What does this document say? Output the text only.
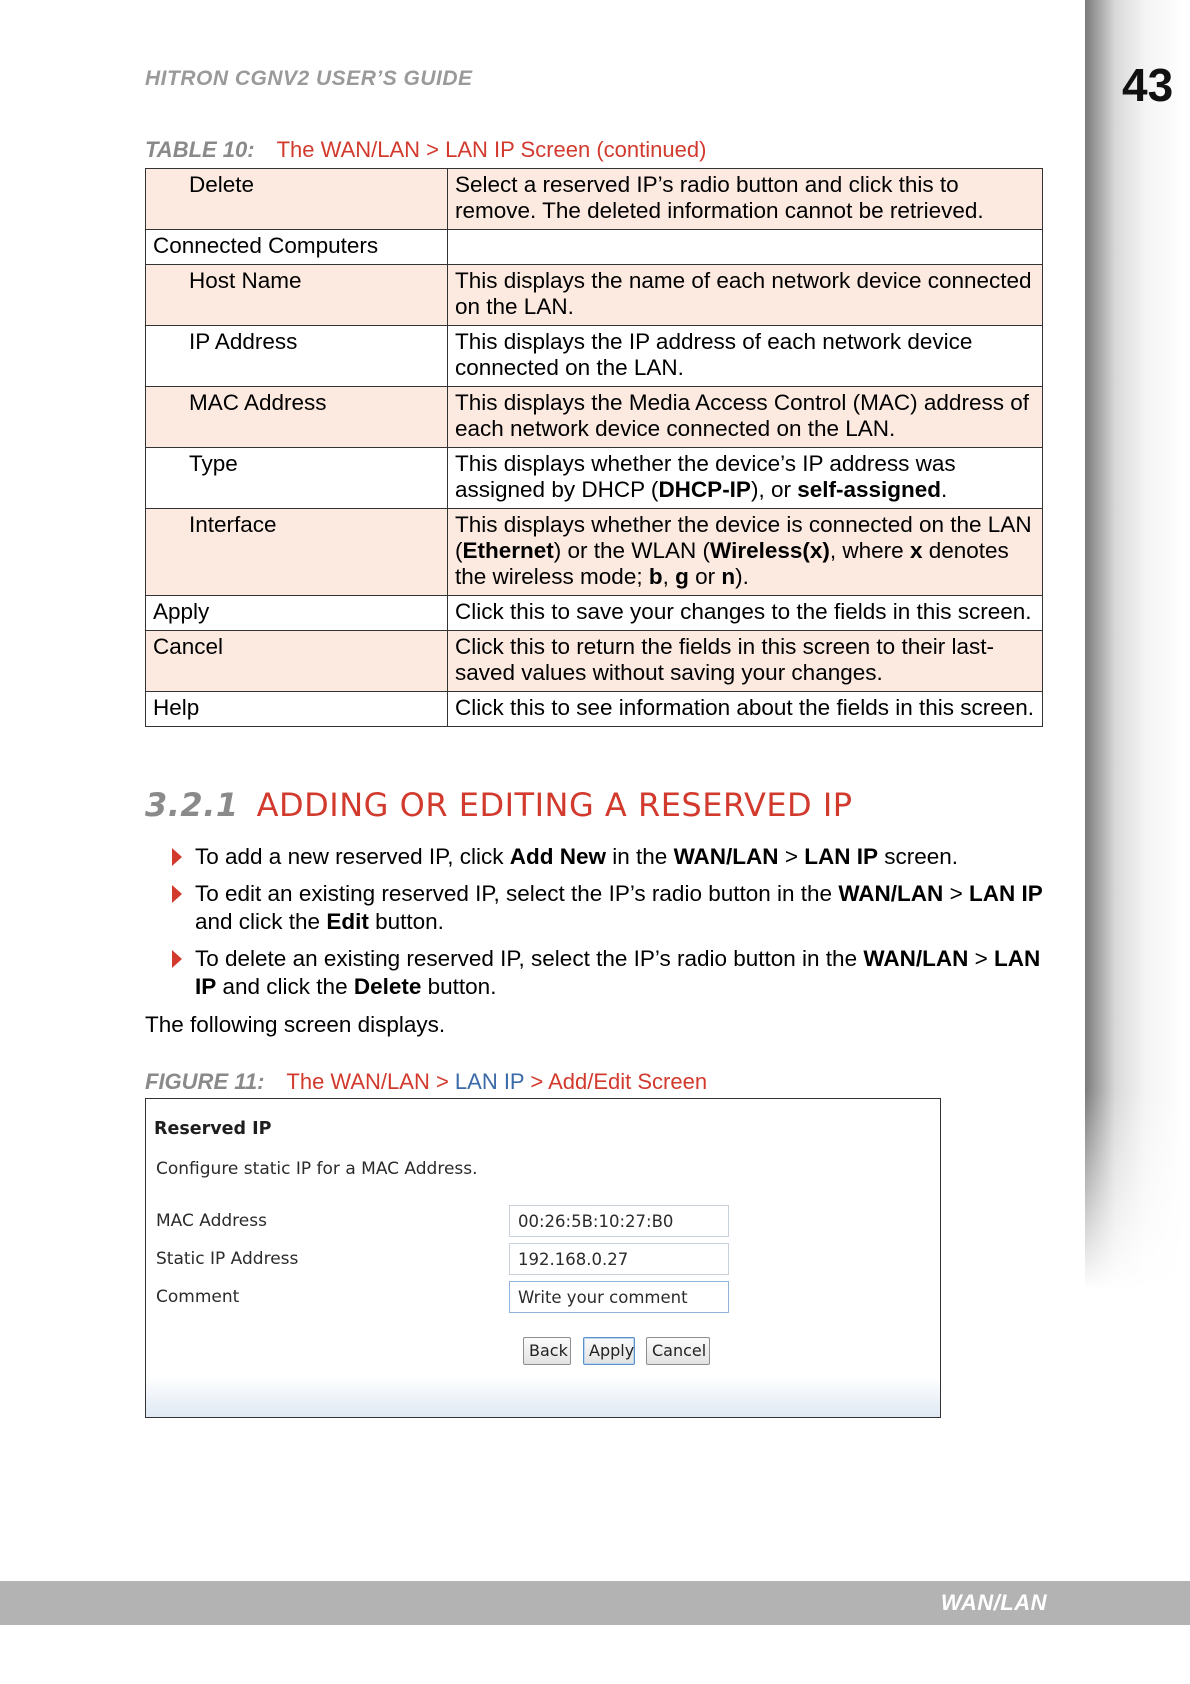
43
HITRON CGNV2 USER’S GUIDE
TABLE 10: The WAN/LAN > LAN IP Screen (continued)
Delete	Select a reserved IP’s radio button and click this to remove. The deleted information cannot be retrieved.
Connected Computers	
Host Name	This displays the name of each network device connected on the LAN.
IP Address	This displays the IP address of each network device connected on the LAN.
MAC Address	This displays the Media Access Control (MAC) address of each network device connected on the LAN.
Type	This displays whether the device’s IP address was assigned by DHCP (DHCP-IP), or self-assigned.
Interface	This displays whether the device is connected on the LAN (Ethernet) or the WLAN (Wireless(x), where x denotes the wireless mode; b, g or n).
Apply	Click this to save your changes to the fields in this screen.
Cancel	Click this to return the fields in this screen to their last-saved values without saving your changes.
Help	Click this to see information about the fields in this screen.
3.2.1 ADDING OR EDITING A RESERVED IP
To add a new reserved IP, click Add New in the WAN/LAN > LAN IP screen.
To edit an existing reserved IP, select the IP’s radio button in the WAN/LAN > LAN IP and click the Edit button.
To delete an existing reserved IP, select the IP’s radio button in the WAN/LAN > LAN IP and click the Delete button.
The following screen displays.
FIGURE 11: The WAN/LAN > LAN IP > Add/Edit Screen
Reserved IP
Configure static IP for a MAC Address.
MAC Address	00:26:5B:10:27:B0
Static IP Address	192.168.0.27
Comment	Write your comment
Back	Apply	Cancel
WAN/LAN
